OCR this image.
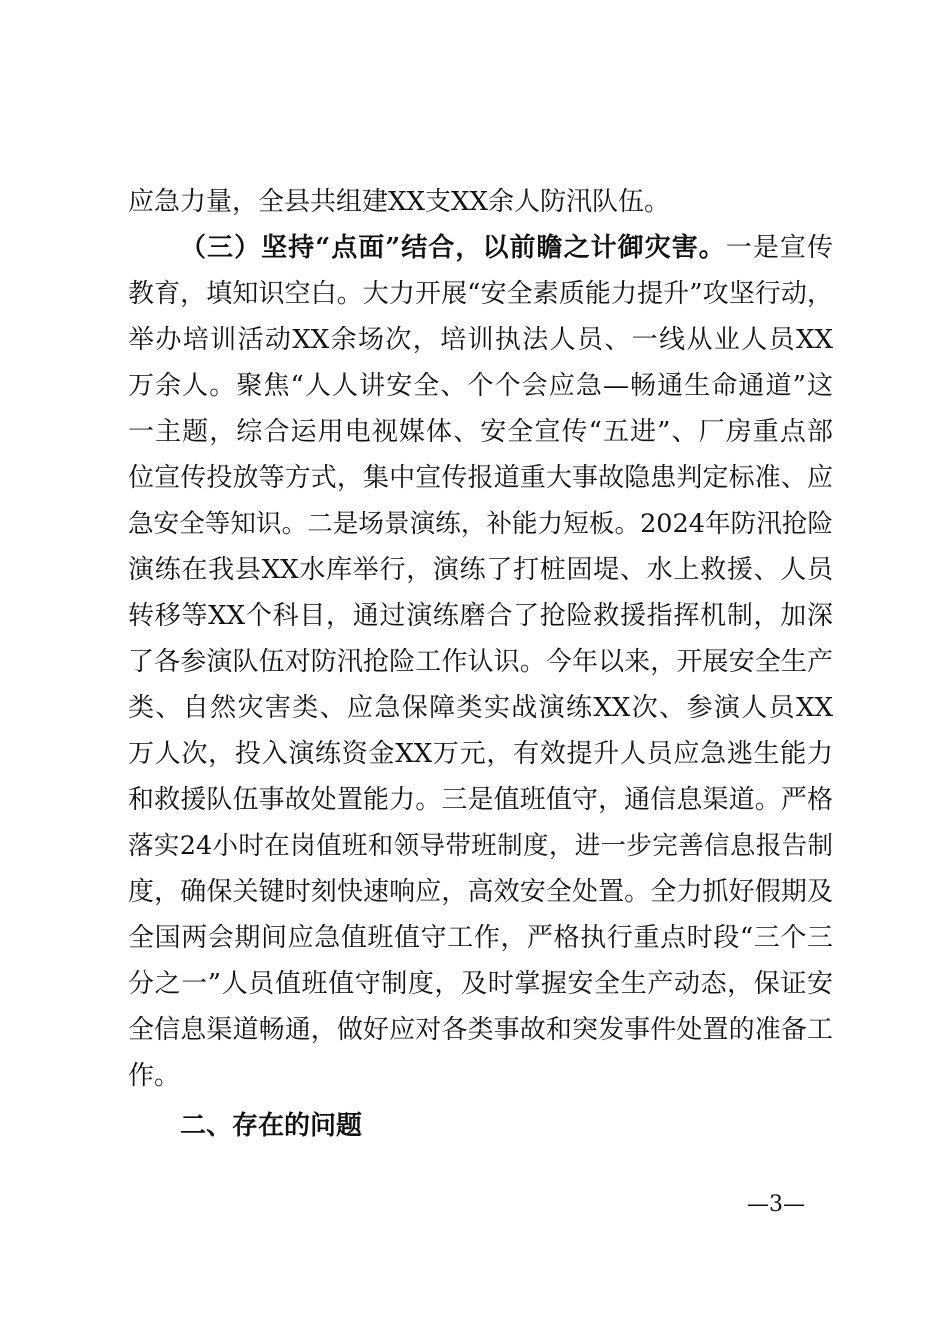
应急力量，全县共组建XX支XX余人防汛队伍。
（三）坚持“点面”结合，以前瞻之计御灾害。一是宣传
教育，填知识空白。大力开展“安全素质能力提升”攻坚行动，
举办培训活动XX余场次，培训执法人员、一线从业人员XX
万余人。聚焦“人人讲安全、个个会应急—畅通生命通道”这
一主题，综合运用电视媒体、安全宣传“五进”、厂房重点部
位宣传投放等方式，集中宣传报道重大事故隐患判定标准、应
急安全等知识。二是场景演练，补能力短板。2024年防汛抢险
演练在我县XX水库举行，演练了打桩固堤、水上救援、人员
转移等XX个科目，通过演练磨合了抢险救援指挥机制，加深
了各参演队伍对防汛抢险工作认识。今年以来，开展安全生产
类、自然灾害类、应急保障类实战演练XX次、参演人员XX
万人次，投入演练资金XX万元，有效提升人员应急逃生能力
和救援队伍事故处置能力。三是值班值守，通信息渠道。严格
落实24小时在岗值班和领导带班制度，进一步完善信息报告制
度，确保关键时刻快速响应，高效安全处置。全力抓好假期及
全国两会期间应急值班值守工作，严格执行重点时段“三个三
分之一”人员值班值守制度，及时掌握安全生产动态，保证安
全信息渠道畅通，做好应对各类事故和突发事件处置的准备工
作。
二、存在的问题
—3—
